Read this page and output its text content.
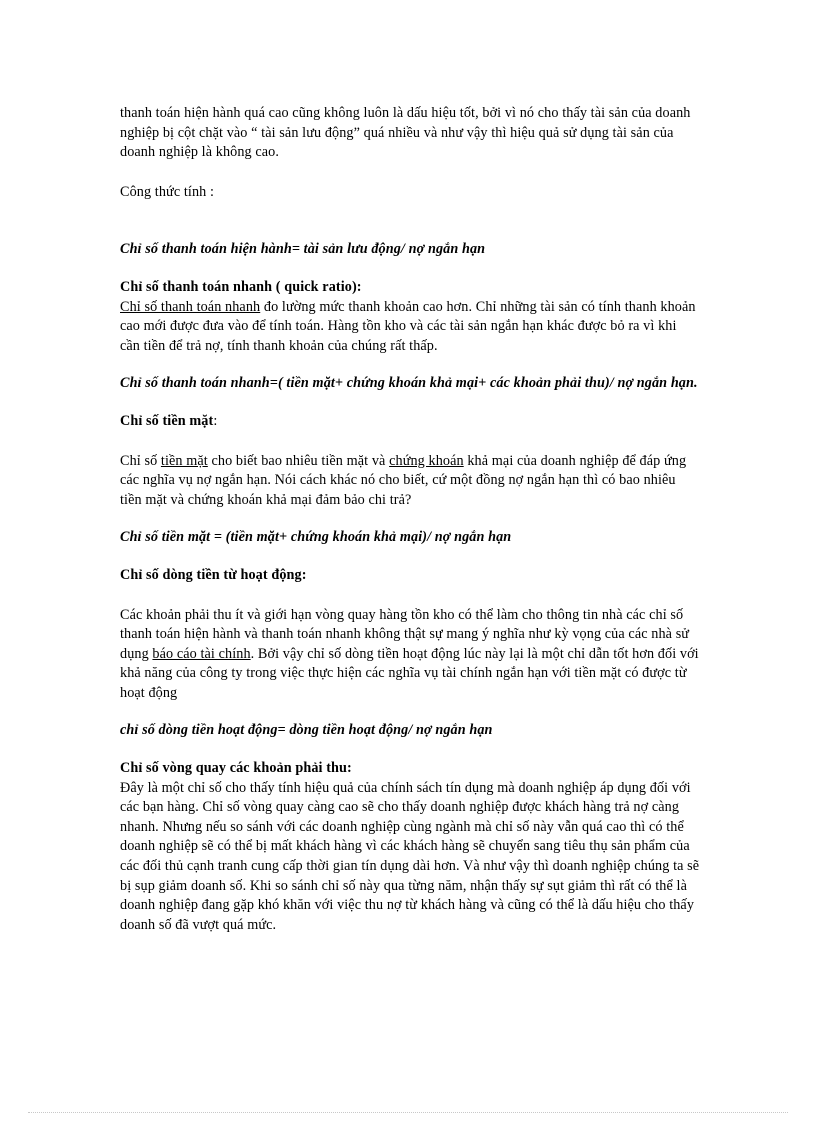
thanh toán hiện hành quá cao cũng không luôn là dấu hiệu tốt, bởi vì nó cho thấy tài sản của doanh nghiệp bị cột chặt vào “ tài sản lưu động” quá nhiều và như vậy thì hiệu quả sử dụng tài sản của doanh nghiệp là không cao.

Công thức tính :

Chỉ số thanh toán hiện hành= tài sản lưu động/ nợ ngắn hạn

Chỉ số thanh toán nhanh ( quick ratio):

Chỉ số thanh toán nhanh đo lường mức thanh khoản cao hơn. Chỉ những tài sản có tính thanh khoản cao mới được đưa vào để tính toán. Hàng tồn kho và các tài sản ngắn hạn khác được bỏ ra vì khi cần tiền để trả nợ, tính thanh khoản của chúng rất thấp.

Chỉ số thanh toán nhanh=( tiền mặt+ chứng khoán khả mại+ các khoản phải thu)/ nợ ngắn hạn.

Chỉ số tiền mặt:

Chỉ số tiền mặt cho biết bao nhiêu tiền mặt và chứng khoán khả mại của doanh nghiệp để đáp ứng các nghĩa vụ nợ ngắn hạn. Nói cách khác nó cho biết, cứ một đồng nợ ngắn hạn thì có bao nhiêu tiền mặt và chứng khoán khả mại đảm bảo chi trả?

Chỉ số tiền mặt = (tiền mặt+ chứng khoán khả mại)/ nợ ngắn hạn

Chỉ số dòng tiền từ hoạt động:

Các khoản phải thu ít và giới hạn vòng quay hàng tồn kho có thể làm cho thông tin nhà các chỉ số thanh toán hiện hành và thanh toán nhanh không thật sự mang ý nghĩa như kỳ vọng của các nhà sử dụng báo cáo tài chính. Bởi vậy chỉ số dòng tiền hoạt động lúc này lại là một chỉ dẫn tốt hơn đối với khả năng của công ty trong việc thực hiện các nghĩa vụ tài chính ngắn hạn với tiền mặt có được từ hoạt động

chỉ số dòng tiền hoạt động= dòng tiền hoạt động/ nợ ngắn hạn

Chỉ số vòng quay các khoản phải thu:

Đây là một chỉ số cho thấy tính hiệu quả của chính sách tín dụng mà doanh nghiệp áp dụng đối với các bạn hàng. Chỉ số vòng quay càng cao sẽ cho thấy doanh nghiệp được khách hàng trả nợ càng nhanh. Nhưng nếu so sánh với các doanh nghiệp cùng ngành mà chỉ số này vẫn quá cao thì có thể doanh nghiệp sẽ có thể bị mất khách hàng vì các khách hàng sẽ chuyển sang tiêu thụ sản phẩm của các đối thủ cạnh tranh cung cấp thời gian tín dụng dài hơn. Và như vậy thì doanh nghiệp chúng ta sẽ bị sụp giảm doanh số. Khi so sánh chỉ số này qua từng năm, nhận thấy sự sụt giảm thì rất có thể là doanh nghiệp đang gặp khó khăn với việc thu nợ từ khách hàng và cũng có thể là dấu hiệu cho thấy doanh số đã vượt quá mức.
